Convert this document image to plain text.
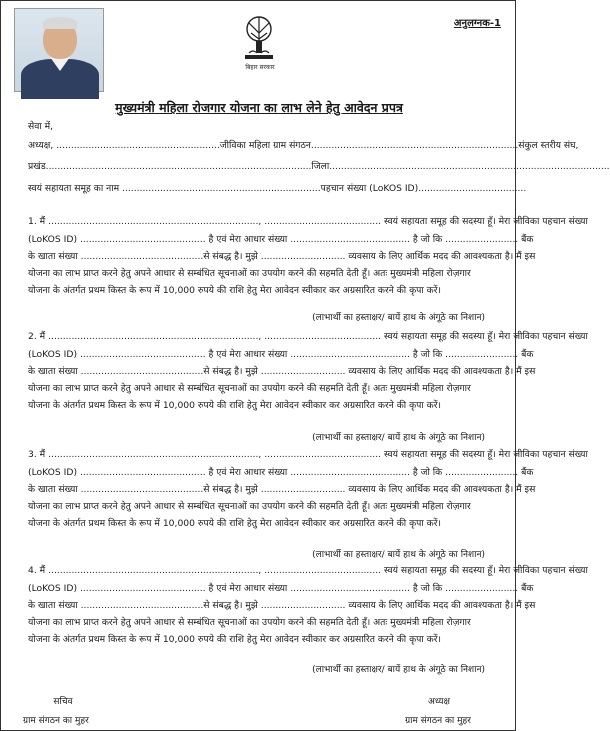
बिहार सरकार
अनुलग्नक-1
मुख्यमंत्री महिला रोजगार योजना का लाभ लेने हेतु आवेदन प्रपत्र
सेवा में,
अध्यक्ष, ........................................................जीविका महिला ग्राम संगठन.......................................................................संकुल स्तरीय संघ,
प्रखंड...........................................................................................जिला................................................................................................
स्वयं सहायता समूह का नाम ....................................................................पहचान संख्या (LoKOS ID).....................................
1. मैं ........................................................................, ........................................ स्वयं सहायता समूह की सदस्या हूँ। मेरा जीविका पहचान संख्या
(LoKOS ID) ........................................... है एवं मेरा आधार संख्या ......................................... है जो कि ......................... बैंक
के खाता संख्या ..........................................से संबद्ध है। मुझे ............................. व्यवसाय के लिए आर्थिक मदद की आवश्यकता है। मैं इस
योजना का लाभ प्राप्त करने हेतु अपने आधार से सम्बंधित सूचनाओं का उपयोग करने की सहमति देती हूँ। अतः मुख्यमंत्री महिला रोज़गार
योजना के अंतर्गत प्रथम किस्त के रूप में 10,000 रुपये की राशि हेतु मेरा आवेदन स्वीकार कर अग्रसारित करने की कृपा करें।
(लाभार्थी का हस्ताक्षर/ बायें हाथ के अंगूठे का निशान)
2. मैं ........................................................................, ........................................ स्वयं सहायता समूह की सदस्या हूँ। मेरा जीविका पहचान संख्या
(LoKOS ID) ........................................... है एवं मेरा आधार संख्या ......................................... है जो कि ......................... बैंक
के खाता संख्या ..........................................से संबद्ध है। मुझे ............................. व्यवसाय के लिए आर्थिक मदद की आवश्यकता है। मैं इस
योजना का लाभ प्राप्त करने हेतु अपने आधार से सम्बंधित सूचनाओं का उपयोग करने की सहमति देती हूँ। अतः मुख्यमंत्री महिला रोज़गार
योजना के अंतर्गत प्रथम किस्त के रूप में 10,000 रुपये की राशि हेतु मेरा आवेदन स्वीकार कर अग्रसारित करने की कृपा करें।
(लाभार्थी का हस्ताक्षर/ बायें हाथ के अंगूठे का निशान)
3. मैं ........................................................................, ........................................ स्वयं सहायता समूह की सदस्या हूँ। मेरा जीविका पहचान संख्या
(LoKOS ID) ........................................... है एवं मेरा आधार संख्या ......................................... है जो कि ......................... बैंक
के खाता संख्या ..........................................से संबद्ध है। मुझे ............................. व्यवसाय के लिए आर्थिक मदद की आवश्यकता है। मैं इस
योजना का लाभ प्राप्त करने हेतु अपने आधार से सम्बंधित सूचनाओं का उपयोग करने की सहमति देती हूँ। अतः मुख्यमंत्री महिला रोज़गार
योजना के अंतर्गत प्रथम किस्त के रूप में 10,000 रुपये की राशि हेतु मेरा आवेदन स्वीकार कर अग्रसारित करने की कृपा करें।
(लाभार्थी का हस्ताक्षर/ बायें हाथ के अंगूठे का निशान)
4. मैं ........................................................................, ........................................ स्वयं सहायता समूह की सदस्या हूँ। मेरा जीविका पहचान संख्या
(LoKOS ID) ........................................... है एवं मेरा आधार संख्या ......................................... है जो कि ......................... बैंक
के खाता संख्या ..........................................से संबद्ध है। मुझे ............................. व्यवसाय के लिए आर्थिक मदद की आवश्यकता है। मैं इस
योजना का लाभ प्राप्त करने हेतु अपने आधार से सम्बंधित सूचनाओं का उपयोग करने की सहमति देती हूँ। अतः मुख्यमंत्री महिला रोज़गार
योजना के अंतर्गत प्रथम किस्त के रूप में 10,000 रुपये की राशि हेतु मेरा आवेदन स्वीकार कर अग्रसारित करने की कृपा करें।
(लाभार्थी का हस्ताक्षर/ बायें हाथ के अंगूठे का निशान)
सचिव
ग्राम संगठन का मुहर
अध्यक्ष
ग्राम संगठन का मुहर
